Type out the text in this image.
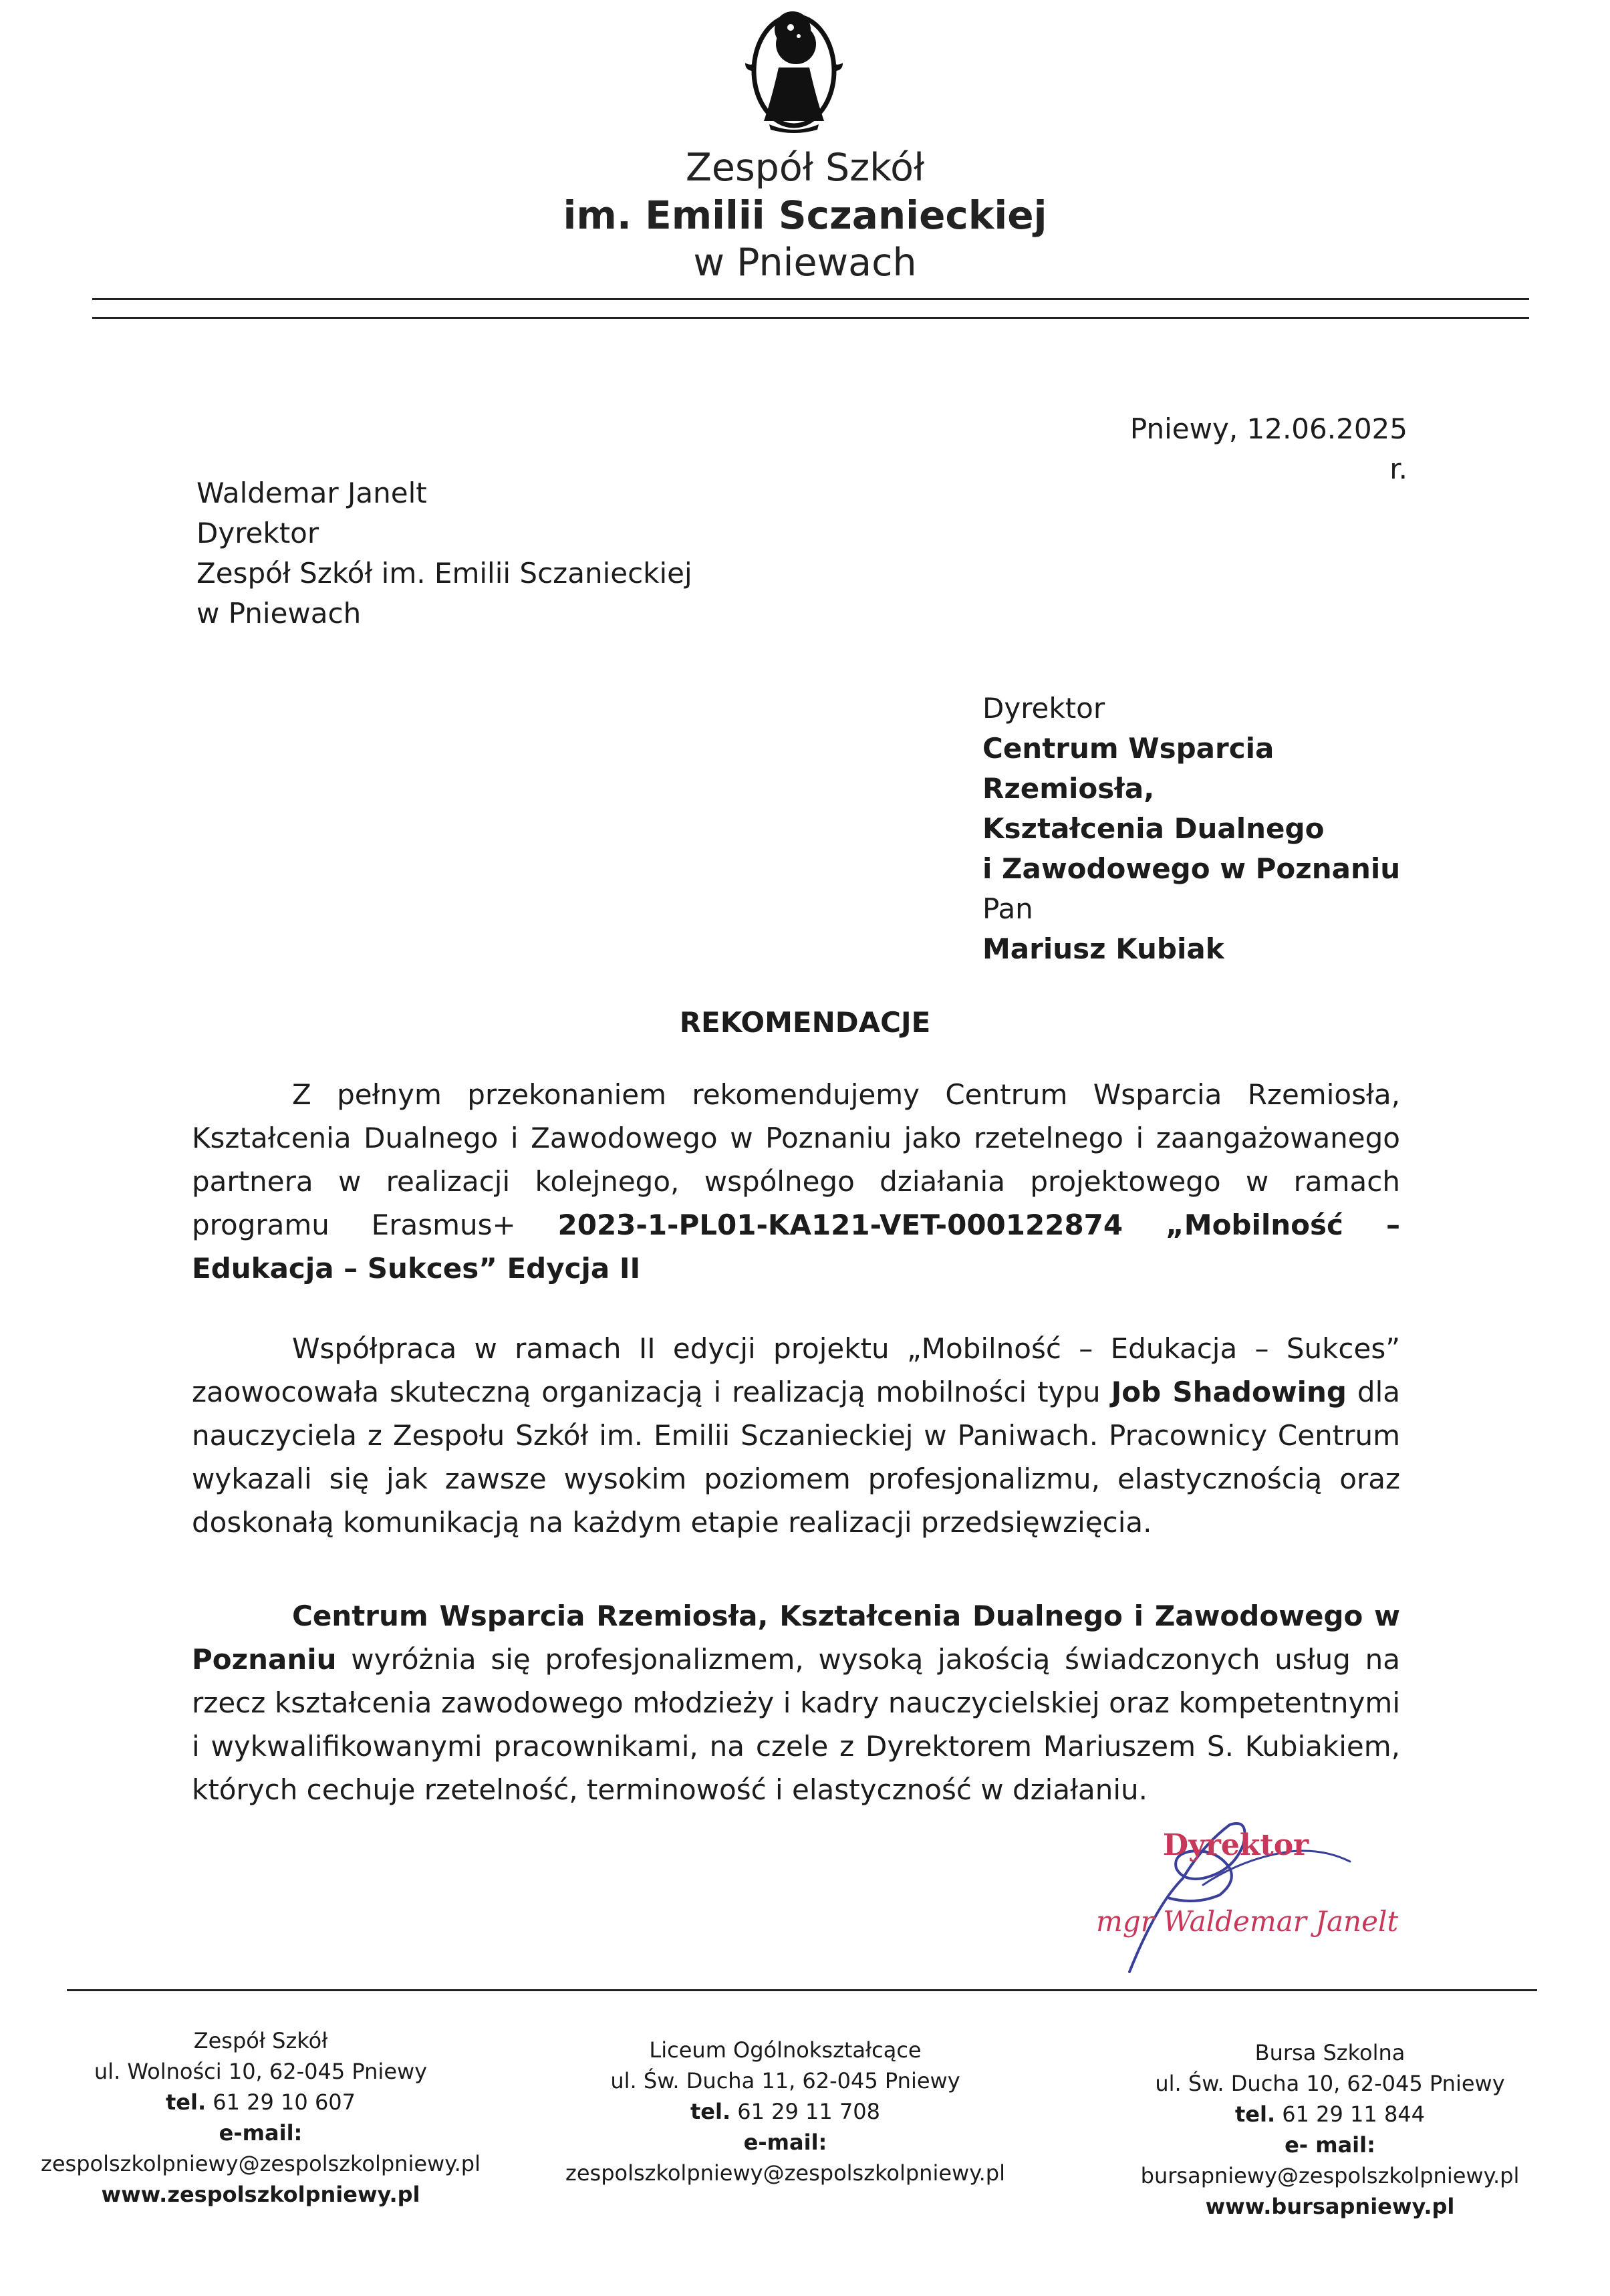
Zespół Szkół
im. Emilii Sczanieckiej
w Pniewach
Pniewy, 12.06.2025 r.
Waldemar Janelt
Dyrektor
Zespół Szkół im. Emilii Sczanieckiej
w Pniewach
Dyrektor
Centrum Wsparcia Rzemiosła,
Kształcenia Dualnego
i Zawodowego w Poznaniu
Pan
Mariusz Kubiak
REKOMENDACJE
Z pełnym przekonaniem rekomendujemy Centrum Wsparcia Rzemiosła, Kształcenia Dualnego i Zawodowego w Poznaniu jako rzetelnego i zaangażowanego partnera w realizacji kolejnego, wspólnego działania projektowego w ramach programu Erasmus+ 2023-1-PL01-KA121-VET-000122874 „Mobilność – Edukacja – Sukces” Edycja II
Współpraca w ramach II edycji projektu „Mobilność – Edukacja – Sukces” zaowocowała skuteczną organizacją i realizacją mobilności typu Job Shadowing dla nauczyciela z Zespołu Szkół im. Emilii Sczanieckiej w Paniwach. Pracownicy Centrum wykazali się jak zawsze wysokim poziomem profesjonalizmu, elastycznością oraz doskonałą komunikacją na każdym etapie realizacji przedsięwzięcia.
Centrum Wsparcia Rzemiosła, Kształcenia Dualnego i Zawodowego w Poznaniu wyróżnia się profesjonalizmem, wysoką jakością świadczonych usług na rzecz kształcenia zawodowego młodzieży i kadry nauczycielskiej oraz kompetentnymi i wykwalifikowanymi pracownikami, na czele z Dyrektorem Mariuszem S. Kubiakiem, których cechuje rzetelność, terminowość i elastyczność w działaniu.
Dyrektor
mgr Waldemar Janelt
Zespół Szkół
ul. Wolności 10, 62-045 Pniewy
tel. 61 29 10 607
e-mail:
zespolszkolpniewy@zespolszkolpniewy.pl
www.zespolszkolpniewy.pl
Liceum Ogólnokształcące
ul. Św. Ducha 11, 62-045 Pniewy
tel. 61 29 11 708
e-mail:
zespolszkolpniewy@zespolszkolpniewy.pl
Bursa Szkolna
ul. Św. Ducha 10, 62-045 Pniewy
tel. 61 29 11 844
e- mail:
bursapniewy@zespolszkolpniewy.pl
www.bursapniewy.pl
